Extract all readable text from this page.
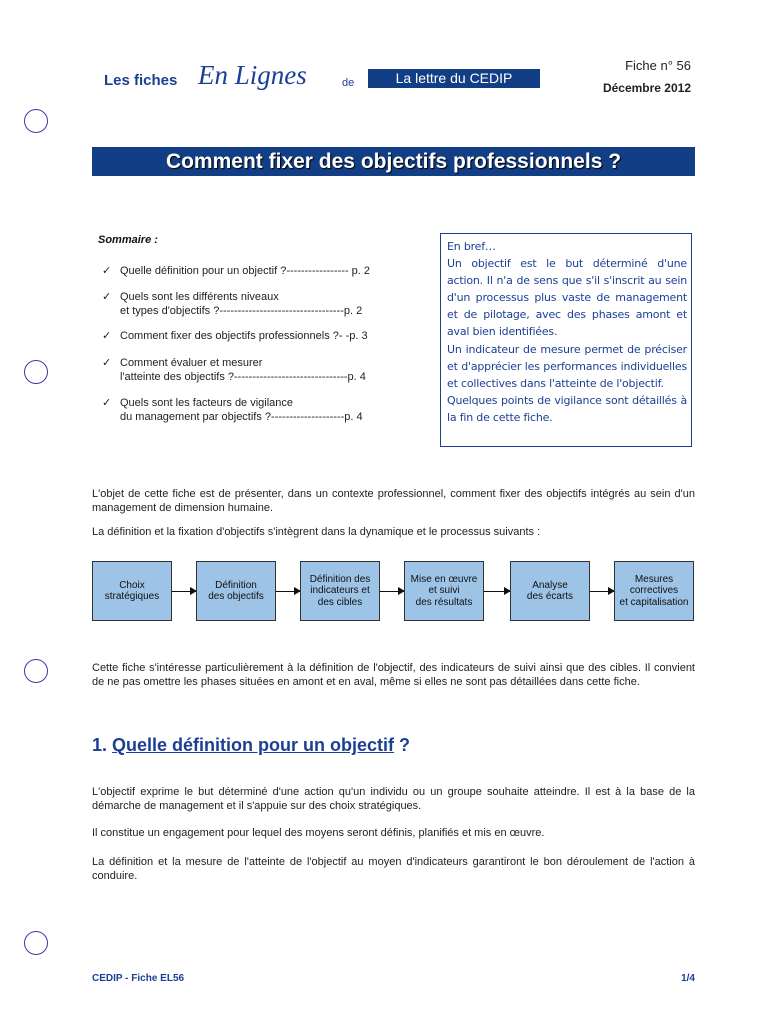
Les fiches En Lignes	de	La lettre du CEDIP
Fiche n° 56
Décembre 2012
Comment fixer des objectifs professionnels ?
Sommaire :
✓ Quelle définition pour un objectif ?----------------- p. 2
✓ Quels sont les différents niveaux
et types d'objectifs ?----------------------------------p. 2
✓ Comment fixer des objectifs professionnels ?- -p. 3
✓ Comment évaluer et mesurer
l'atteinte des objectifs ?-------------------------------p. 4
✓ Quels sont les facteurs de vigilance
du management par objectifs ?--------------------p. 4
En bref…
Un objectif est le but déterminé d'une action. Il n'a de sens que s'il s'inscrit au sein d'un processus plus vaste de management et de pilotage, avec des phases amont et aval bien identifiées.
Un indicateur de mesure permet de préciser et d'apprécier les performances individuelles et collectives dans l'atteinte de l'objectif.
Quelques points de vigilance sont détaillés à la fin de cette fiche.
L'objet de cette fiche est de présenter, dans un contexte professionnel, comment fixer des objectifs intégrés au sein d'un management de dimension humaine.
La définition et la fixation d'objectifs s'intègrent dans la dynamique et le processus suivants :
Choix
stratégiques
Définition
des objectifs
Définition des
indicateurs et
des cibles
Mise en œuvre
et suivi
des résultats
Analyse
des écarts
Mesures
correctives
et capitalisation
Cette fiche s'intéresse particulièrement à la définition de l'objectif, des indicateurs de suivi ainsi que des cibles. Il convient de ne pas omettre les phases situées en amont et en aval, même si elles ne sont pas détaillées dans cette fiche.
1. Quelle définition pour un objectif ?
L'objectif exprime le but déterminé d'une action qu'un individu ou un groupe souhaite atteindre. Il est à la base de la démarche de management et il s'appuie sur des choix stratégiques.
Il constitue un engagement pour lequel des moyens seront définis, planifiés et mis en œuvre.
La définition et la mesure de l'atteinte de l'objectif au moyen d'indicateurs garantiront le bon déroulement de l'action à conduire.
CEDIP - Fiche EL56	1/4
